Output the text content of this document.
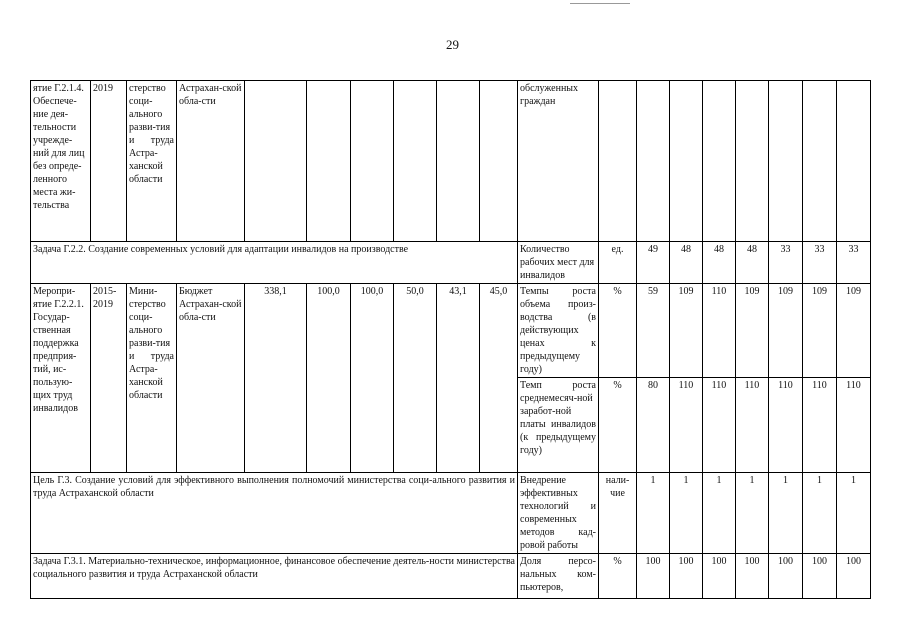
29
ятие Г.2.1.4. Обеспече-ние дея-тельности учрежде-ний для лиц без опреде-ленного места жи-тельства	2019	стерство соци-ального разви-тия и труда Астра-ханской области	Астрахан-ской обла-сти							обслуженных граждан								
Задача Г.2.2. Создание современных условий для адаптации инвалидов на производстве										Количество рабочих мест для инвалидов	ед.	49	48	48	48	33	33	33
Меропри-ятие Г.2.2.1. Государ-ственная поддержка предприя-тий, ис-пользую-щих труд инвалидов	2015-2019	Мини-стерство соци-ального разви-тия и труда Астра-ханской области	Бюджет Астрахан-ской обла-сти	338,1	100,0	100,0	50,0	43,1	45,0	Темпы роста объема произ-водства (в действующих ценах к предыдущему году)	%	59	109	110	109	109	109	109
										Темп роста среднемесяч-ной заработ-ной платы инвалидов (к предыдущему году)	%	80	110	110	110	110	110	110
Цель Г.3. Создание условий для эффективного выполнения полномочий министерства соци-ального развития и труда Астраханской области										Внедрение эффективных технологий и современных методов кад-ровой работы	нали-чие	1	1	1	1	1	1	1
Задача Г.3.1. Материально-техническое, информационное, финансовое обеспечение деятель-ности министерства социального развития и труда Астраханской области										Доля персо-нальных ком-пьютеров,	%	100	100	100	100	100	100	100
